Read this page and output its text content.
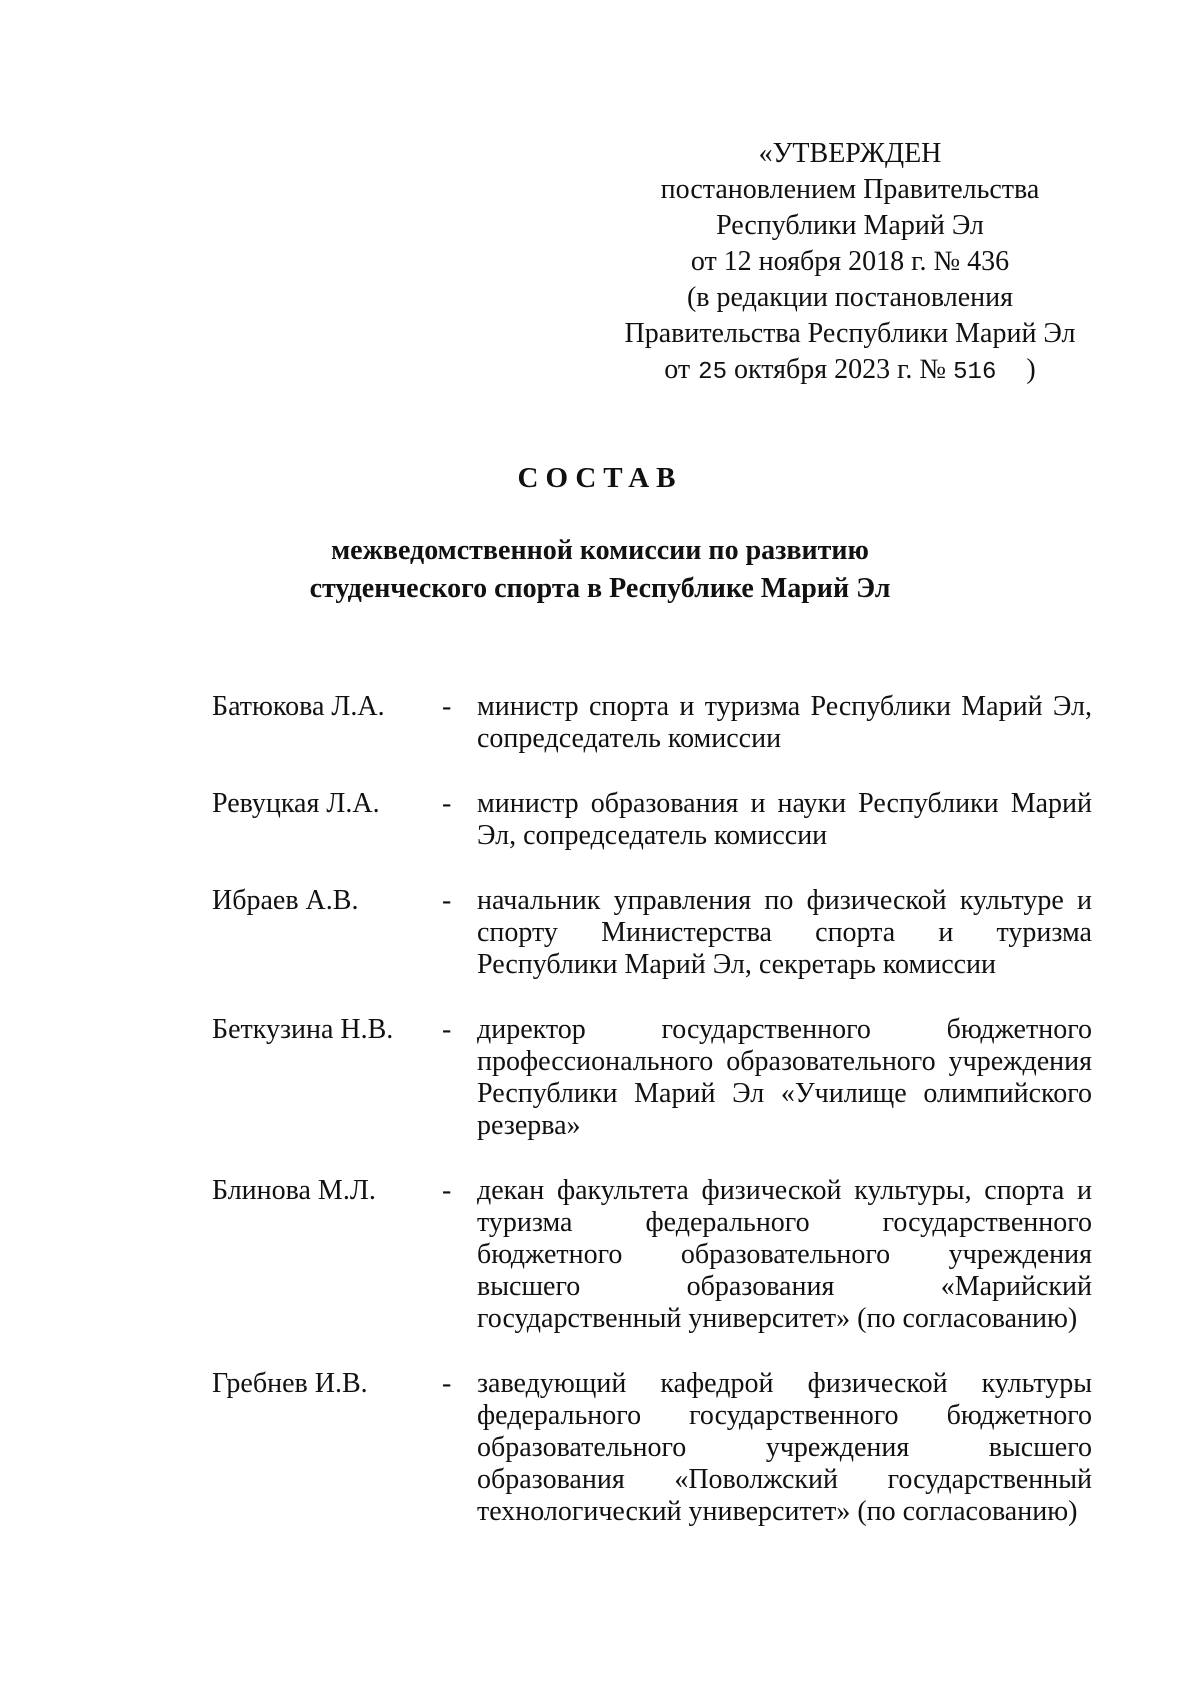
«УТВЕРЖДЕН
постановлением Правительства
Республики Марий Эл
от 12 ноября 2018 г. № 436
(в редакции постановления
Правительства Республики Марий Эл
от 25 октября 2023 г. № 516 )
СОСТАВ
межведомственной комиссии по развитию
студенческого спорта в Республике Марий Эл
Батюкова Л.А.	- министр спорта и туризма Республики Марий Эл, сопредседатель комиссии
Ревуцкая Л.А.	- министр образования и науки Республики Марий Эл, сопредседатель комиссии
Ибраев А.В.	- начальник управления по физической культуре и спорту Министерства спорта и туризма Республики Марий Эл, секретарь комиссии
Беткузина Н.В.	- директор государственного бюджетного профессионального образовательного учреждения Республики Марий Эл «Училище олимпийского резерва»
Блинова М.Л.	- декан факультета физической культуры, спорта и туризма федерального государственного бюджетного образовательного учреждения высшего образования «Марийский государственный университет» (по согласованию)
Гребнев И.В.	- заведующий кафедрой физической культуры федерального государственного бюджетного образовательного учреждения высшего образования «Поволжский государственный технологический университет» (по согласованию)
